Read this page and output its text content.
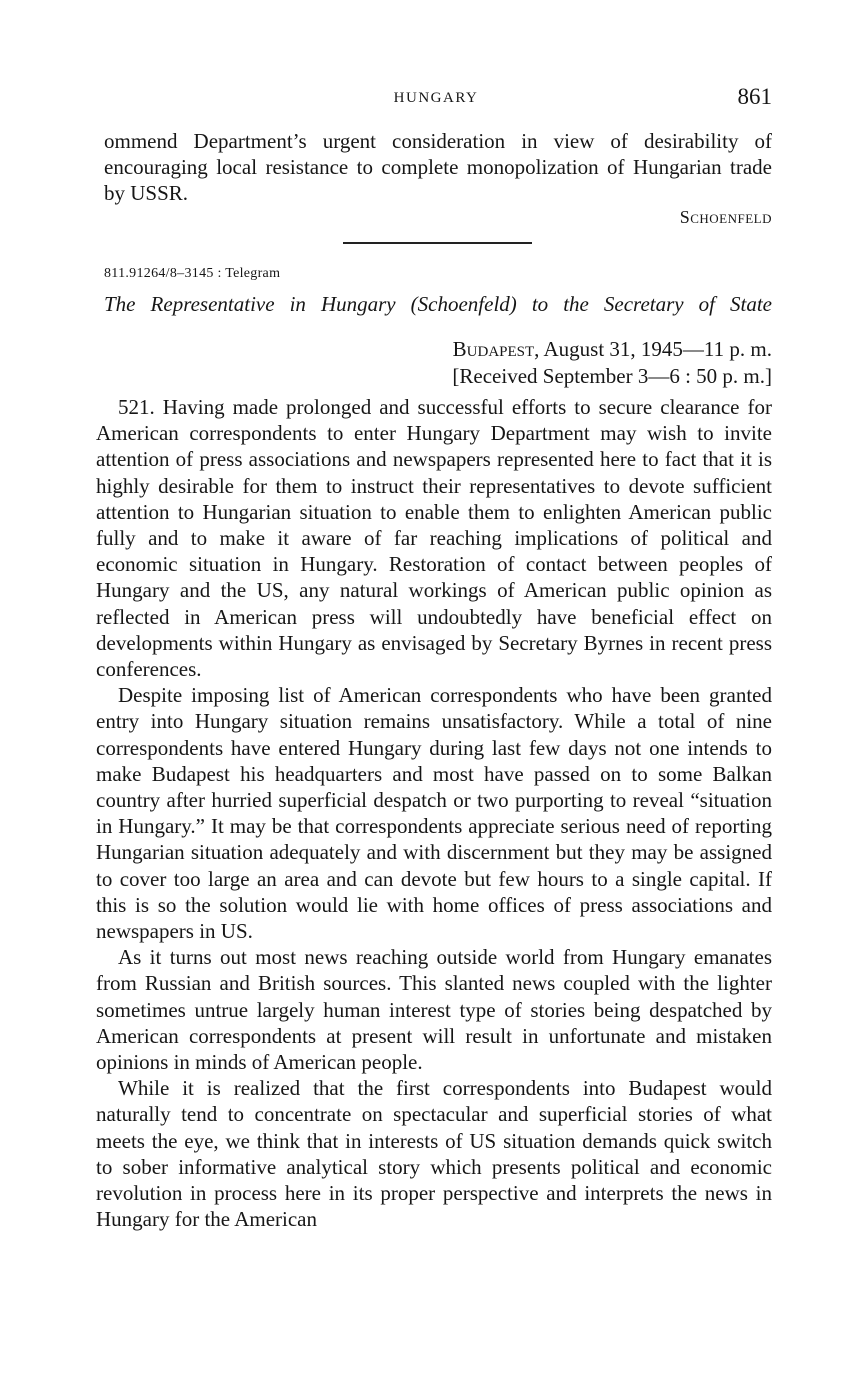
HUNGARY	861
ommend Department’s urgent consideration in view of desirability of encouraging local resistance to complete monopolization of Hungarian trade by USSR.
Schoenfeld
811.91264/8–3145 : Telegram
The Representative in Hungary (Schoenfeld) to the Secretary of State
Budapest, August 31, 1945—11 p. m.
[Received September 3—6 : 50 p. m.]

521. Having made prolonged and successful efforts to secure clearance for American correspondents to enter Hungary Department may wish to invite attention of press associations and newspapers represented here to fact that it is highly desirable for them to instruct their representatives to devote sufficient attention to Hungarian situation to enable them to enlighten American public fully and to make it aware of far reaching implications of political and economic situation in Hungary. Restoration of contact between peoples of Hungary and the US, any natural workings of American public opinion as reflected in American press will undoubtedly have beneficial effect on developments within Hungary as envisaged by Secretary Byrnes in recent press conferences.

Despite imposing list of American correspondents who have been granted entry into Hungary situation remains unsatisfactory. While a total of nine correspondents have entered Hungary during last few days not one intends to make Budapest his headquarters and most have passed on to some Balkan country after hurried superficial despatch or two purporting to reveal “situation in Hungary.” It may be that correspondents appreciate serious need of reporting Hungarian situation adequately and with discernment but they may be assigned to cover too large an area and can devote but few hours to a single capital. If this is so the solution would lie with home offices of press associations and newspapers in US.

As it turns out most news reaching outside world from Hungary emanates from Russian and British sources. This slanted news coupled with the lighter sometimes untrue largely human interest type of stories being despatched by American correspondents at present will result in unfortunate and mistaken opinions in minds of American people.

While it is realized that the first correspondents into Budapest would naturally tend to concentrate on spectacular and superficial stories of what meets the eye, we think that in interests of US situation demands quick switch to sober informative analytical story which presents political and economic revolution in process here in its proper perspective and interprets the news in Hungary for the American
